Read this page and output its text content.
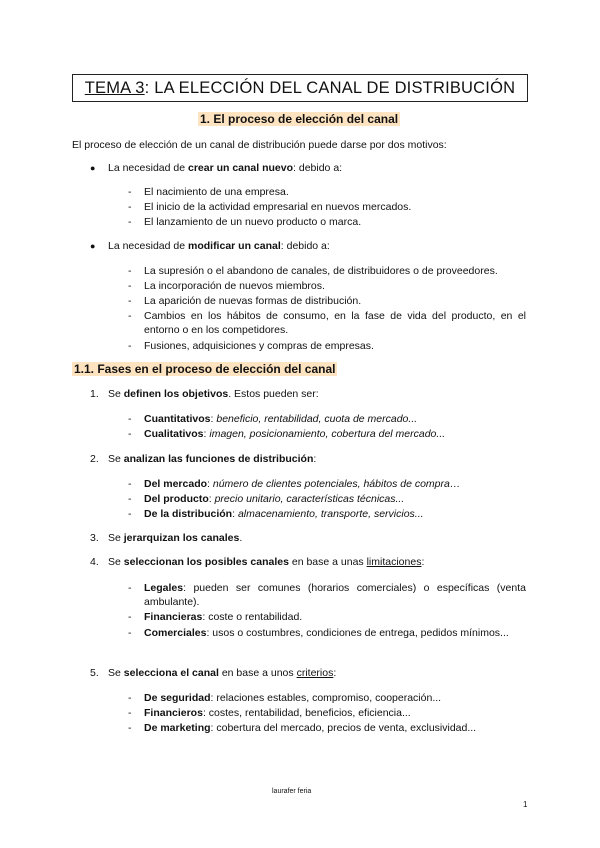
TEMA 3 : LA ELECCIÓN DEL CANAL DE DISTRIBUCIÓN
1. El proceso de elección del canal
El proceso de elección de un canal de distribución puede darse por dos motivos:
● La necesidad de crear un canal nuevo: debido a:
- El nacimiento de una empresa.
- El inicio de la actividad empresarial en nuevos mercados.
- El lanzamiento de un nuevo producto o marca.
● La necesidad de modificar un canal: debido a:
- La supresión o el abandono de canales, de distribuidores o de proveedores.
- La incorporación de nuevos miembros.
- La aparición de nuevas formas de distribución.
- Cambios en los hábitos de consumo, en la fase de vida del producto, en el entorno o en los competidores.
- Fusiones, adquisiciones y compras de empresas.
1.1. Fases en el proceso de elección del canal
1. Se definen los objetivos. Estos pueden ser:
- Cuantitativos: beneficio, rentabilidad, cuota de mercado...
- Cualitativos: imagen, posicionamiento, cobertura del mercado...
2. Se analizan las funciones de distribución:
- Del mercado: número de clientes potenciales, hábitos de compra…
- Del producto: precio unitario, características técnicas...
- De la distribución: almacenamiento, transporte, servicios...
3. Se jerarquizan los canales.
4. Se seleccionan los posibles canales en base a unas limitaciones:
- Legales: pueden ser comunes (horarios comerciales) o específicas (venta ambulante).
- Financieras: coste o rentabilidad.
- Comerciales: usos o costumbres, condiciones de entrega, pedidos mínimos...
5. Se selecciona el canal en base a unos criterios:
- De seguridad: relaciones estables, compromiso, cooperación...
- Financieros: costes, rentabilidad, beneficios, eficiencia...
- De marketing: cobertura del mercado, precios de venta, exclusividad...
laurafer feria
1
